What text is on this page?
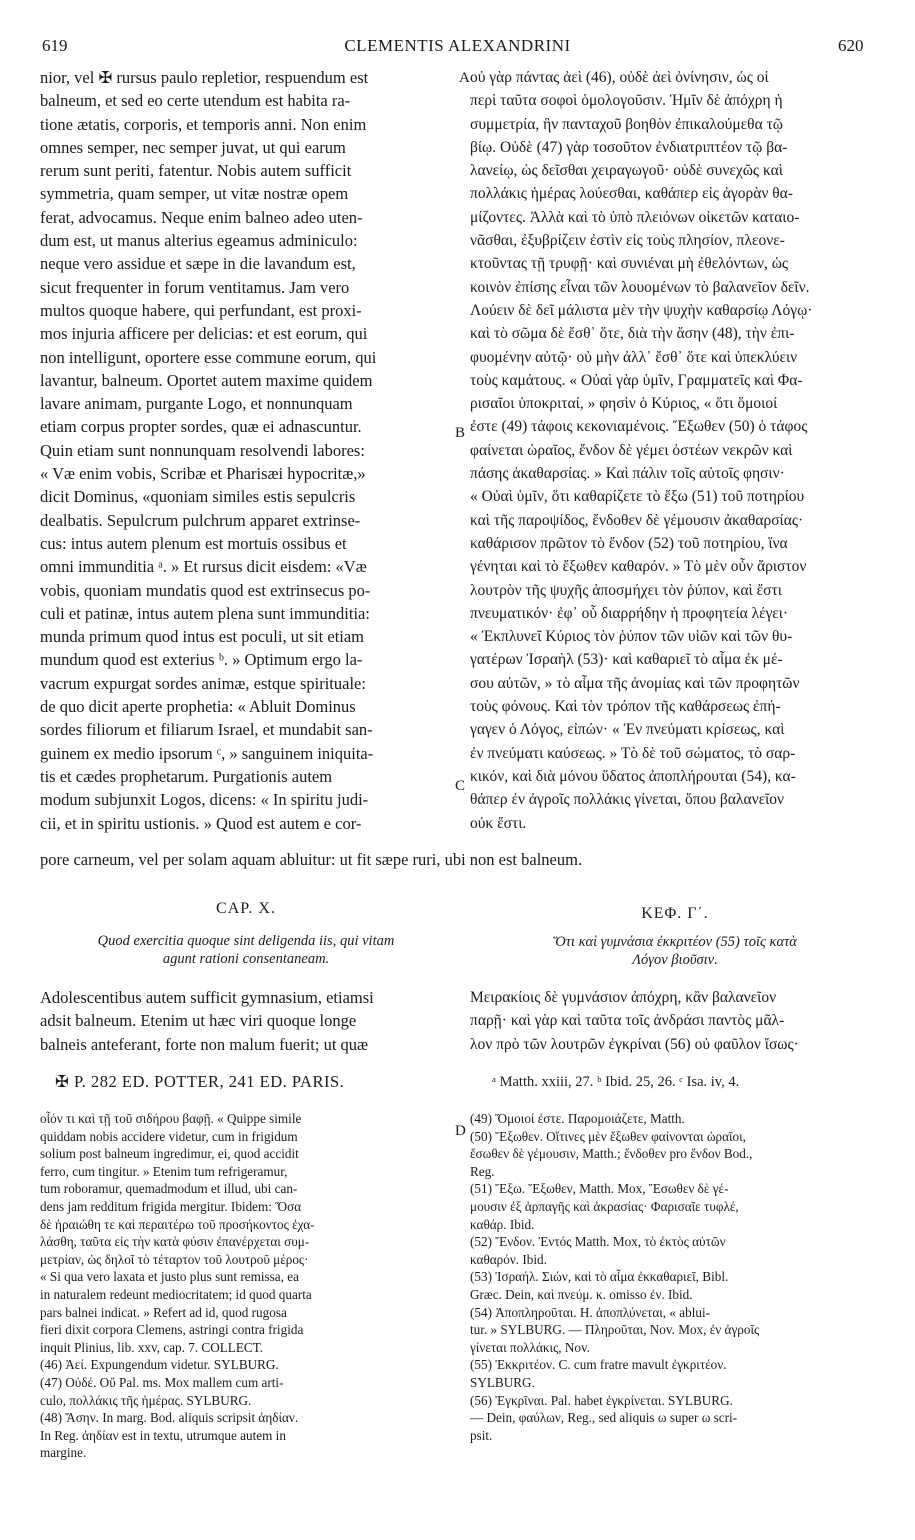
619	CLEMENTIS ALEXANDRINI	620
A
B
C
D
nior, vel ✠ rursus paulo repletior, respuendum est
balneum, et sed eo certe utendum est habita ra-
tione ætatis, corporis, et temporis anni. Non enim
omnes semper, nec semper juvat, ut qui earum
rerum sunt periti, fatentur. Nobis autem sufficit
symmetria, quam semper, ut vitæ nostræ opem
ferat, advocamus. Neque enim balneo adeo uten-
dum est, ut manus alterius egeamus adminiculo:
neque vero assidue et sæpe in die lavandum est,
sicut frequenter in forum ventitamus. Jam vero
multos quoque habere, qui perfundant, est proxi-
mos injuria afficere per delicias: et est eorum, qui
non intelligunt, oportere esse commune eorum, qui
lavantur, balneum. Oportet autem maxime quidem
lavare animam, purgante Logo, et nonnunquam
etiam corpus propter sordes, quæ ei adnascuntur.
Quin etiam sunt nonnunquam resolvendi labores:
« Væ enim vobis, Scribæ et Pharisæi hypocritæ,»
dicit Dominus, «quoniam similes estis sepulcris
dealbatis. Sepulcrum pulchrum apparet extrinse-
cus: intus autem plenum est mortuis ossibus et
omni immunditia ᵃ. » Et rursus dicit eisdem: «Væ
vobis, quoniam mundatis quod est extrinsecus po-
culi et patinæ, intus autem plena sunt immunditia:
munda primum quod intus est poculi, ut sit etiam
mundum quod est exterius ᵇ. » Optimum ergo la-
vacrum expurgat sordes animæ, estque spirituale:
de quo dicit aperte prophetia: « Abluit Dominus
sordes filiorum et filiarum Israel, et mundabit san-
guinem ex medio ipsorum ᶜ, » sanguinem iniquita-
tis et cædes prophetarum. Purgationis autem
modum subjunxit Logos, dicens: « In spiritu judi-
cii, et in spiritu ustionis. » Quod est autem e cor-
οὐ γὰρ πάντας ἀεὶ (46), οὐδὲ ἀεὶ ὀνίνησιν, ὡς οἱ
περὶ ταῦτα σοφοὶ ὁμολογοῦσιν. Ἡμῖν δὲ ἀπόχρη ἡ
συμμετρία, ἣν πανταχοῦ βοηθὸν ἐπικαλούμεθα τῷ
βίῳ. Οὐδὲ (47) γὰρ τοσοῦτον ἐνδιατριπτέον τῷ βα-
λανείῳ, ὡς δεῖσθαι χειραγωγοῦ· οὐδὲ συνεχῶς καὶ
πολλάκις ἡμέρας λούεσθαι, καθάπερ εἰς ἀγορὰν θα-
μίζοντες. Ἀλλὰ καὶ τὸ ὑπὸ πλειόνων οἰκετῶν καταιο-
νᾶσθαι, ἐξυβρίζειν ἐστὶν εἰς τοὺς πλησίον, πλεονε-
κτοῦντας τῇ τρυφῇ· καὶ συνιέναι μὴ ἐθελόντων, ὡς
κοινὸν ἐπίσης εἶναι τῶν λουομένων τὸ βαλανεῖον δεῖν.
Λούειν δὲ δεῖ μάλιστα μὲν τὴν ψυχὴν καθαρσίῳ Λόγῳ·
καὶ τὸ σῶμα δὲ ἔσθ᾽ ὅτε, διὰ τὴν ἄσην (48), τὴν ἐπι-
φυομένην αὐτῷ· οὐ μὴν ἀλλ᾽ ἔσθ᾽ ὅτε καὶ ὑπεκλύειν
τοὺς καμάτους. « Οὐαὶ γὰρ ὑμῖν, Γραμματεῖς καὶ Φα-
ρισαῖοι ὑποκριταί, » φησὶν ὁ Κύριος, « ὅτι ὅμοιοί
ἐστε (49) τάφοις κεκονιαμένοις. Ἔξωθεν (50) ὁ τάφος
φαίνεται ὡραῖος, ἔνδον δὲ γέμει ὀστέων νεκρῶν καὶ
πάσης ἀκαθαρσίας. » Καὶ πάλιν τοῖς αὐτοῖς φησιν·
« Οὐαὶ ὑμῖν, ὅτι καθαρίζετε τὸ ἔξω (51) τοῦ ποτηρίου
καὶ τῆς παροψίδος, ἔνδοθεν δὲ γέμουσιν ἀκαθαρσίας·
καθάρισον πρῶτον τὸ ἔνδον (52) τοῦ ποτηρίου, ἵνα
γένηται καὶ τὸ ἔξωθεν καθαρόν. » Τὸ μὲν οὖν ἄριστον
λουτρὸν τῆς ψυχῆς ἀποσμήχει τὸν ῥύπον, καὶ ἔστι
πνευματικόν· ἐφ᾽ οὗ διαρρήδην ἡ προφητεία λέγει·
« Ἐκπλυνεῖ Κύριος τὸν ῥύπον τῶν υἱῶν καὶ τῶν θυ-
γατέρων Ἰσραὴλ (53)· καὶ καθαριεῖ τὸ αἷμα ἐκ μέ-
σου αὐτῶν, » τὸ αἷμα τῆς ἀνομίας καὶ τῶν προφητῶν
τοὺς φόνους. Καὶ τὸν τρόπον τῆς καθάρσεως ἐπή-
γαγεν ὁ Λόγος, εἰπών· « Ἐν πνεύματι κρίσεως, καὶ
ἐν πνεύματι καύσεως. » Τὸ δὲ τοῦ σώματος, τὸ σαρ-
κικόν, καὶ διὰ μόνου ὕδατος ἀποπλήρουται (54), κα-
θάπερ ἐν ἀγροῖς πολλάκις γίνεται, ὅπου βαλανεῖον
οὐκ ἔστι.
pore carneum, vel per solam aquam abluitur: ut fit sæpe ruri, ubi non est balneum.
CAP. X.
Quod exercitia quoque sint deligenda iis, qui vitam
agunt rationi consentaneam.
ΚΕΦ. Γ΄.
Ὅτι καὶ γυμνάσια ἐκκριτέον (55) τοῖς κατὰ
Λόγον βιοῦσιν.
Adolescentibus autem sufficit gymnasium, etiamsi
adsit balneum. Etenim ut hæc viri quoque longe
balneis anteferant, forte non malum fuerit; ut quæ
Μειρακίοις δὲ γυμνάσιον ἀπόχρη, κἂν βαλανεῖον
παρῇ· καὶ γὰρ καὶ ταῦτα τοῖς ἀνδράσι παντὸς μᾶλ-
λον πρὸ τῶν λουτρῶν ἐγκρίναι (56) οὐ φαῦλον ἴσως·
✠ P. 282 ED. POTTER, 241 ED. PARIS.	ᵃ Matth. xxiii, 27. ᵇ Ibid. 25, 26. ᶜ Isa. iv, 4.
οἷόν τι καὶ τῇ τοῦ σιδήρου βαφῇ. « Quippe simile
quiddam nobis accidere videtur, cum in frigidum
solium post balneum ingredimur, ei, quod accidit
ferro, cum tingitur. » Etenim tum refrigeramur,
tum roboramur, quemadmodum et illud, ubi can-
dens jam redditum frigida mergitur. Ibidem: Ὅσα
δὲ ἠραιώθη τε καὶ περαιτέρω τοῦ προσήκοντος ἐχα-
λάσθη, ταῦτα εἰς τὴν κατὰ φύσιν ἐπανέρχεται συμ-
μετρίαν, ὡς δηλοῖ τὸ τέταρτον τοῦ λουτροῦ μέρος·
« Si qua vero laxata et justo plus sunt remissa, ea
in naturalem redeunt mediocritatem; id quod quarta
pars balnei indicat. » Refert ad id, quod rugosa
fieri dixit corpora Clemens, astringi contra frigida
inquit Plinius, lib. xxv, cap. 7. COLLECT.
(46) Ἀεί. Expungendum videtur. SYLBURG.
(47) Οὐδέ. Οὔ Pal. ms. Mox mallem cum arti-
culo, πολλάκις τῆς ἡμέρας. SYLBURG.
(48) Ἄσην. In marg. Bod. aliquis scripsit ἀηδίαν.
In Reg. ἀηδίαν est in textu, utrumque autem in
margine.
(49) Ὅμοιοί ἐστε. Παρομοιάζετε, Matth.
(50) Ἔξωθεν. Οἵτινες μὲν ἔξωθεν φαίνονται ὡραῖοι,
ἔσωθεν δὲ γέμουσιν, Matth.; ἔνδοθεν pro ἔνδον Bod.,
Reg.
(51) Ἔξω. Ἔξωθεν, Matth. Mox, Ἔσωθεν δὲ γέ-
μουσιν ἐξ ἁρπαγῆς καὶ ἀκρασίας· Φαρισαῖε τυφλέ,
καθάρ. Ibid.
(52) Ἔνδον. Ἐντός Matth. Mox, τὸ ἐκτὸς αὐτῶν
καθαρόν. Ibid.
(53) Ἰσραήλ. Σιών, καὶ τὸ αἷμα ἐκκαθαριεῖ, Bibl.
Græc. Dein, καὶ πνεύμ. κ. omisso ἐν. Ibid.
(54) Ἀποπληροῦται. Η. ἀποπλύνεται, « ablui-
tur. » SYLBURG. — Πληροῦται, Nov. Mox, ἐν ἀγροῖς
γίνεται πολλάκις, Nov.
(55) Ἐκκριτέον. C. cum fratre mavult ἐγκριτέον.
SYLBURG.
(56) Ἐγκρῖναι. Pal. habet ἐγκρίνεται. SYLBURG.
— Dein, φαύλων, Reg., sed aliquis ω super ω scri-
psit.
